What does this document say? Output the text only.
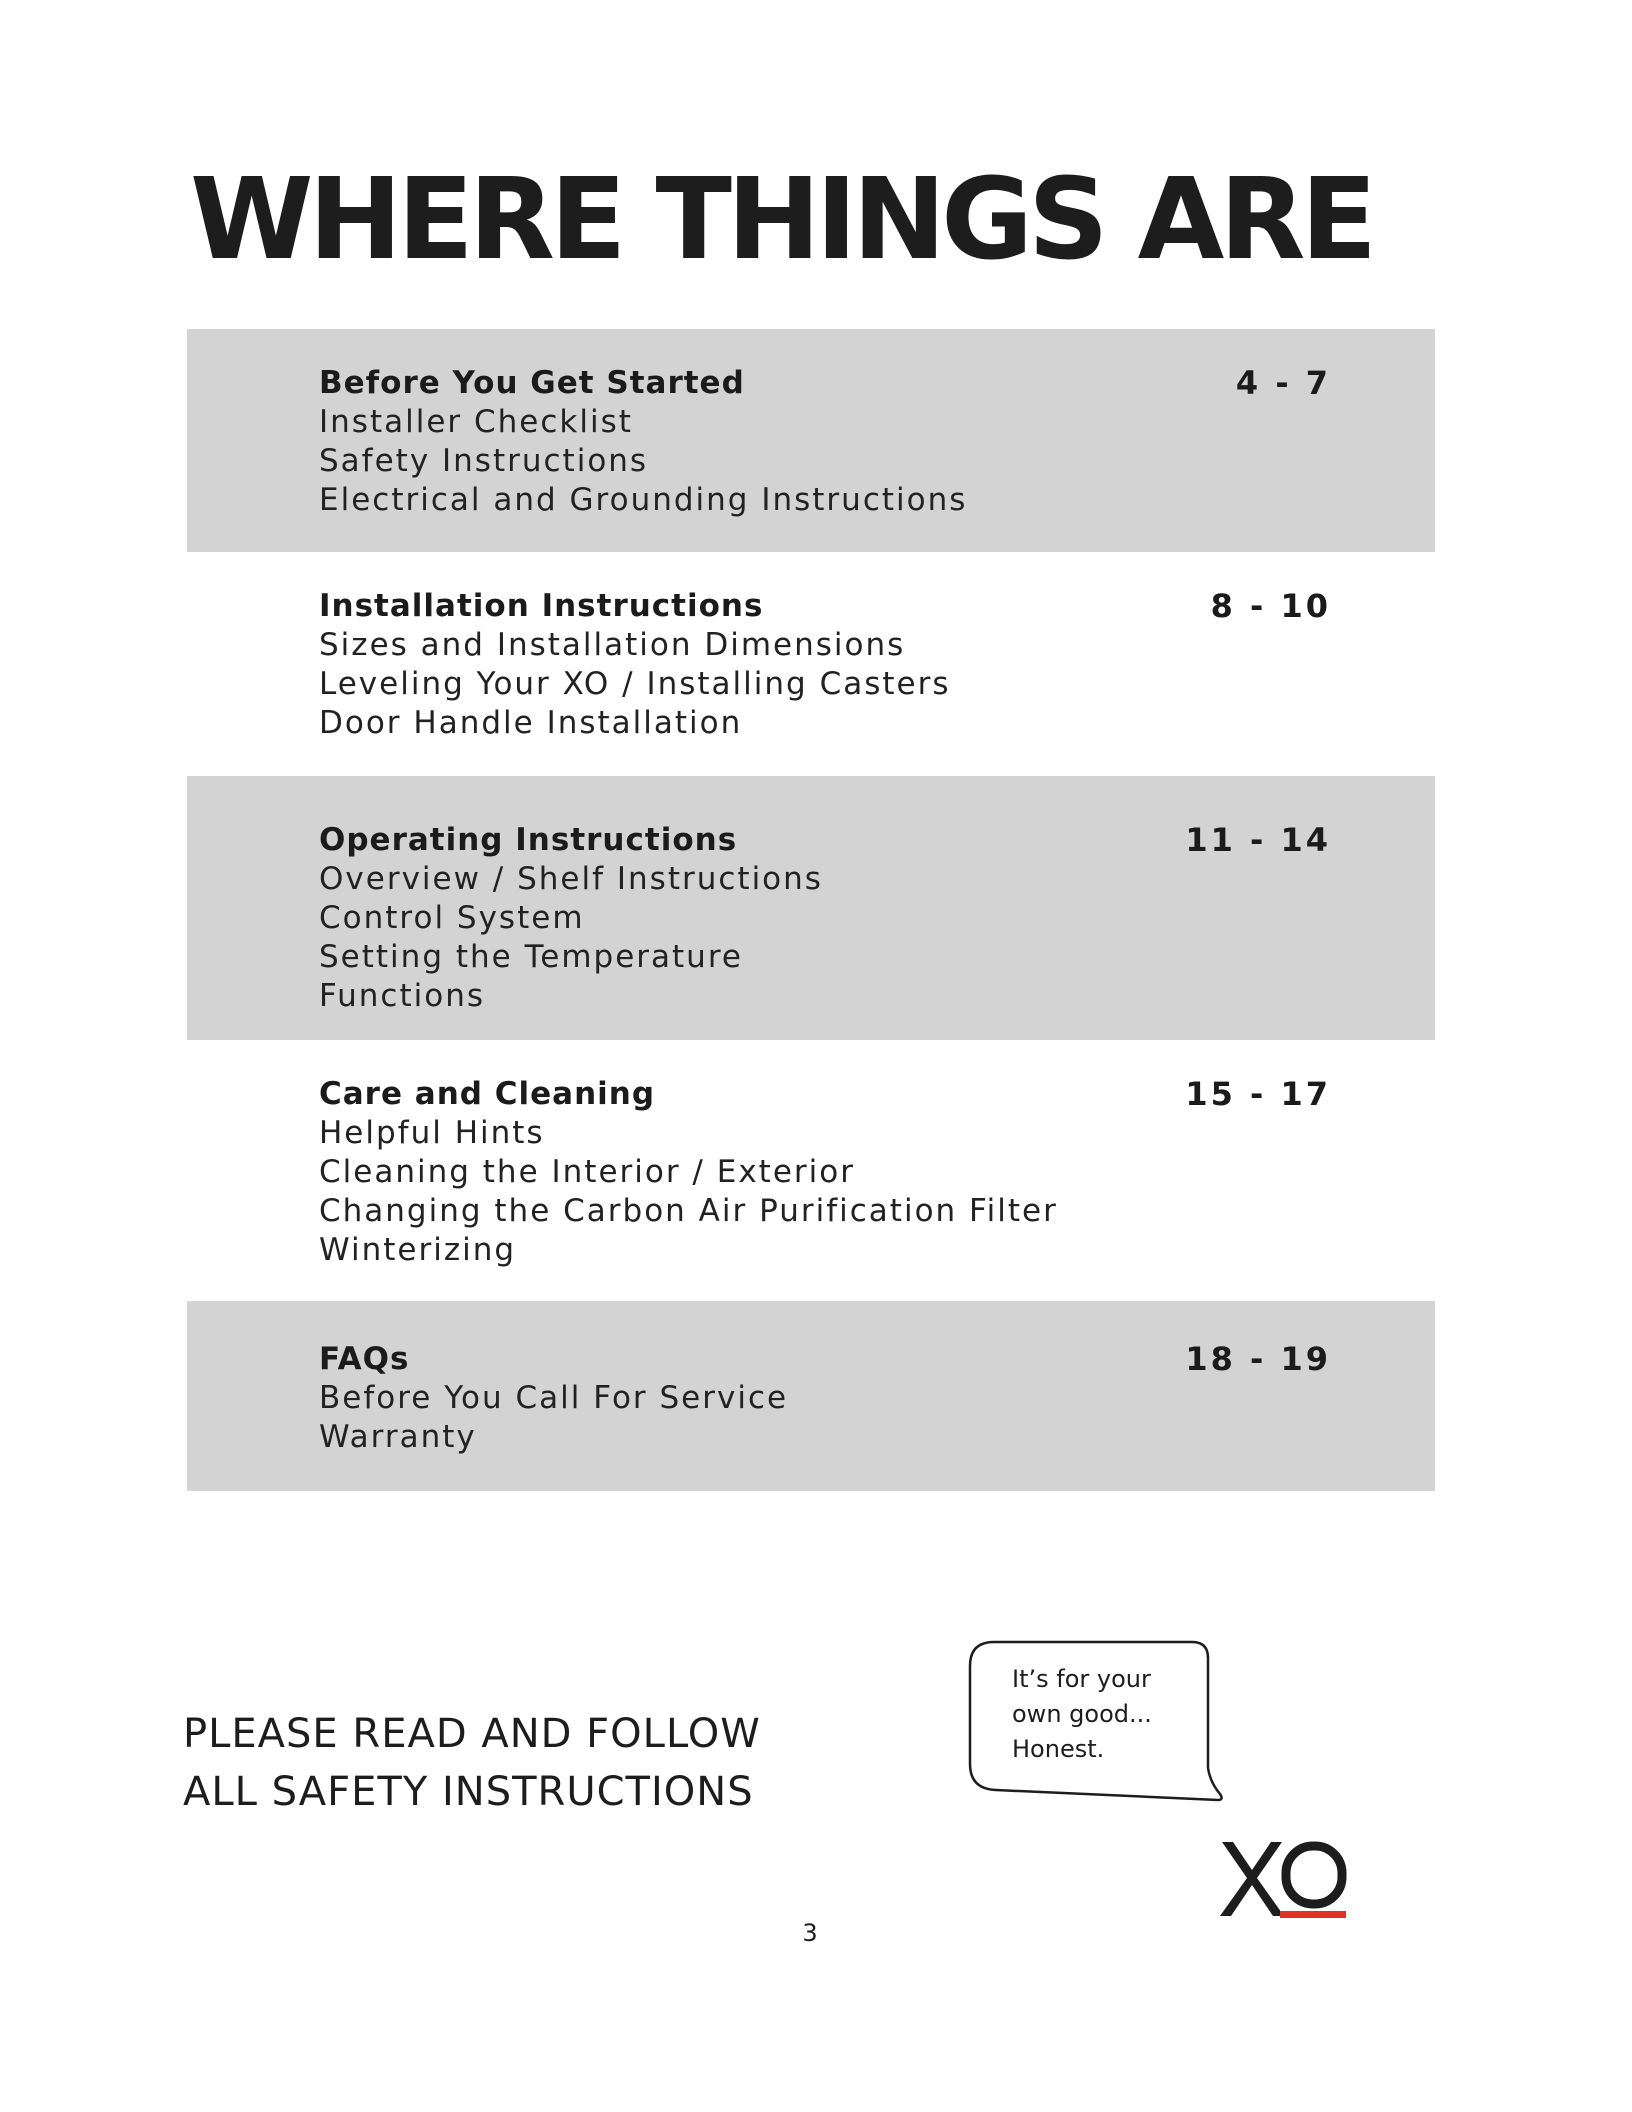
WHERE THINGS ARE
Before You Get Started
Installer Checklist
Safety Instructions
Electrical and Grounding Instructions
4 - 7
Installation Instructions
Sizes and Installation Dimensions
Leveling Your XO / Installing Casters
Door Handle Installation
8 - 10
Operating Instructions
Overview / Shelf Instructions
Control System
Setting the Temperature
Functions
11 - 14
Care and Cleaning
Helpful Hints
Cleaning the Interior / Exterior
Changing the Carbon Air Purification Filter
Winterizing
15 - 17
FAQs
Before You Call For Service
Warranty
18 - 19
PLEASE READ AND FOLLOW
ALL SAFETY INSTRUCTIONS
It’s for your
own good...
Honest.
3
